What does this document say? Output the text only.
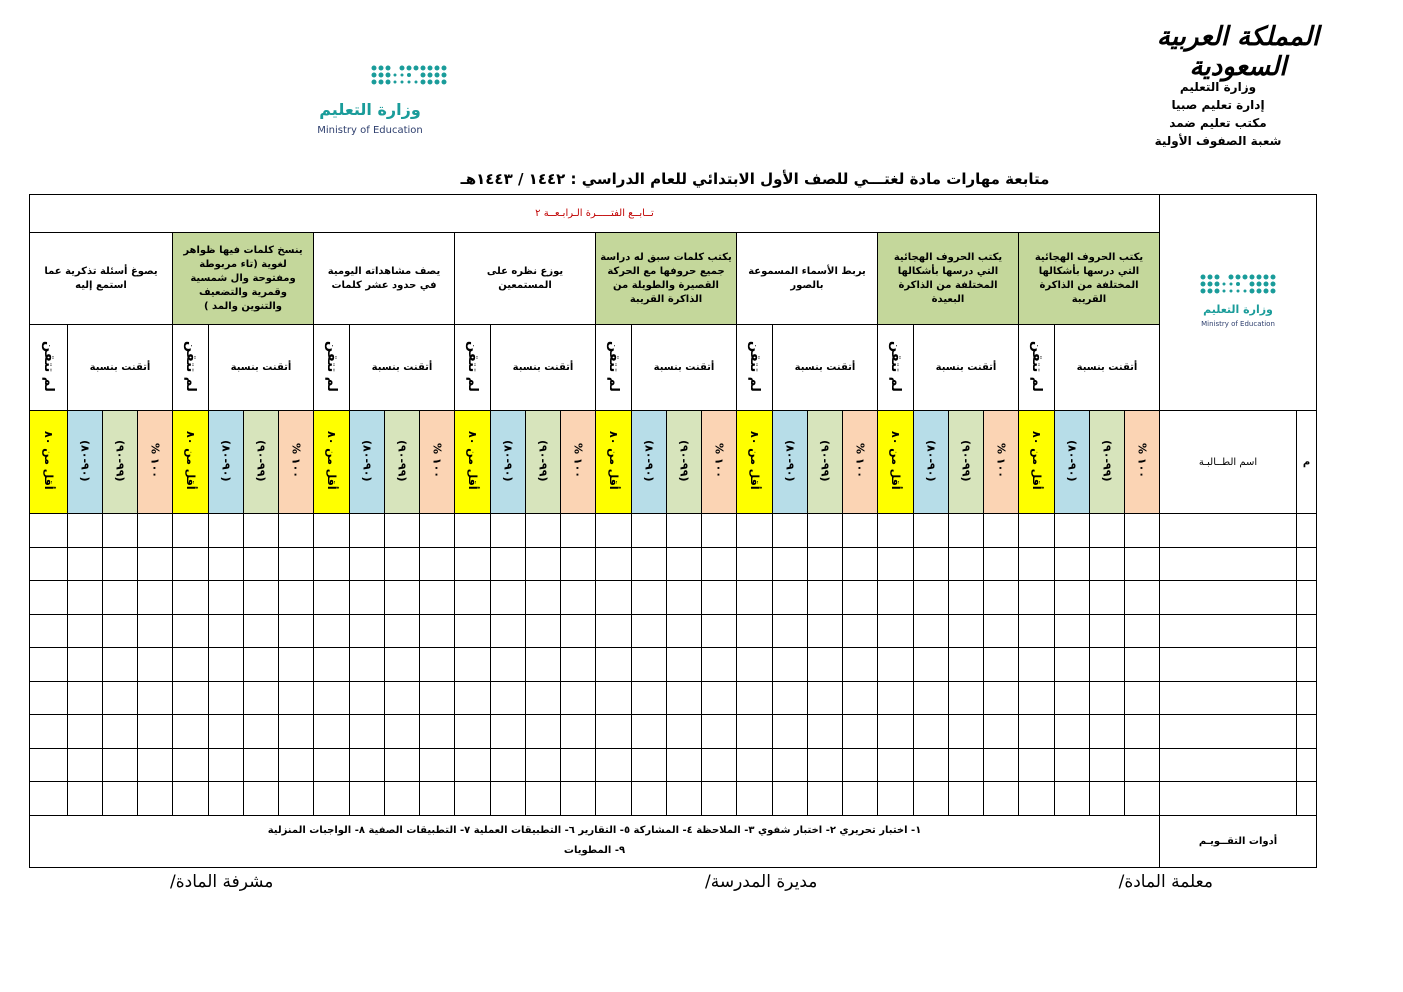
المملكة العربية السعودية
وزارة التعليم
إدارة تعليم صبيا
مكتب تعليم ضمد
شعبة الصفوف الأولية
وزارة التعليم
Ministry of Education
متابعة مهارات مادة لغتـــي للصف الأول الابتدائي للعام الدراسي : ١٤٤٢ / ١٤٤٣هـ
وزارة التعليم
Ministry of Education		تــابــع الفتـــــرة الـرابـعــة ٢																															
		يكتب الحروف الهجائية التي درسها بأشكالها المختلفة من الذاكرة القريبة				يكتب الحروف الهجائية التي درسها بأشكالها المختلفة من الذاكرة البعيدة				يربط الأسماء المسموعة بالصور				يكتب كلمات سبق له دراسة جميع حروفها مع الحركة القصيرة والطويلة من الذاكرة القريبة				يوزع نظره على المستمعين				يصف مشاهداته اليومية في حدود عشر كلمات				ينسخ كلمات فيها ظواهر لغوية (تاء مربوطة ومفتوحة وال شمسية وقمرية والتضعيف والتنوين والمد )				يصوغ أسئلة تذكرية عما استمع إليه			
		أتقنت بنسبة			لم تتقن	أتقنت بنسبة			لم تتقن	أتقنت بنسبة			لم تتقن	أتقنت بنسبة			لم تتقن	أتقنت بنسبة			لم تتقن	أتقنت بنسبة			لم تتقن	أتقنت بنسبة			لم تتقن	أتقنت بنسبة			لم تتقن
م	اسم الطــالبـة	١٠٠ %	(٩٩-٩٠)	(٩٠-٨٠)	أقل من ٨٠	١٠٠ %	(٩٩-٩٠)	(٩٠-٨٠)	أقل من ٨٠	١٠٠ %	(٩٩-٩٠)	(٩٠-٨٠)	أقل من ٨٠	١٠٠ %	(٩٩-٩٠)	(٩٠-٨٠)	أقل من ٨٠	١٠٠ %	(٩٩-٩٠)	(٩٠-٨٠)	أقل من ٨٠	١٠٠ %	(٩٩-٩٠)	(٩٠-٨٠)	أقل من ٨٠	١٠٠ %	(٩٩-٩٠)	(٩٠-٨٠)	أقل من ٨٠	١٠٠ %	(٩٩-٩٠)	(٩٠-٨٠)	أقل من ٨٠

أدوات التقــويـم		١- اختبار تحريري ٢- اختبار شفوي ٣- الملاحظة ٤- المشاركة ٥- التقارير ٦- التطبيقات العملية ٧- التطبيقات الصفية ٨- الواجبات المنزلية
٩- المطويات																															
معلمة المادة/
مديرة المدرسة/
مشرفة المادة/
